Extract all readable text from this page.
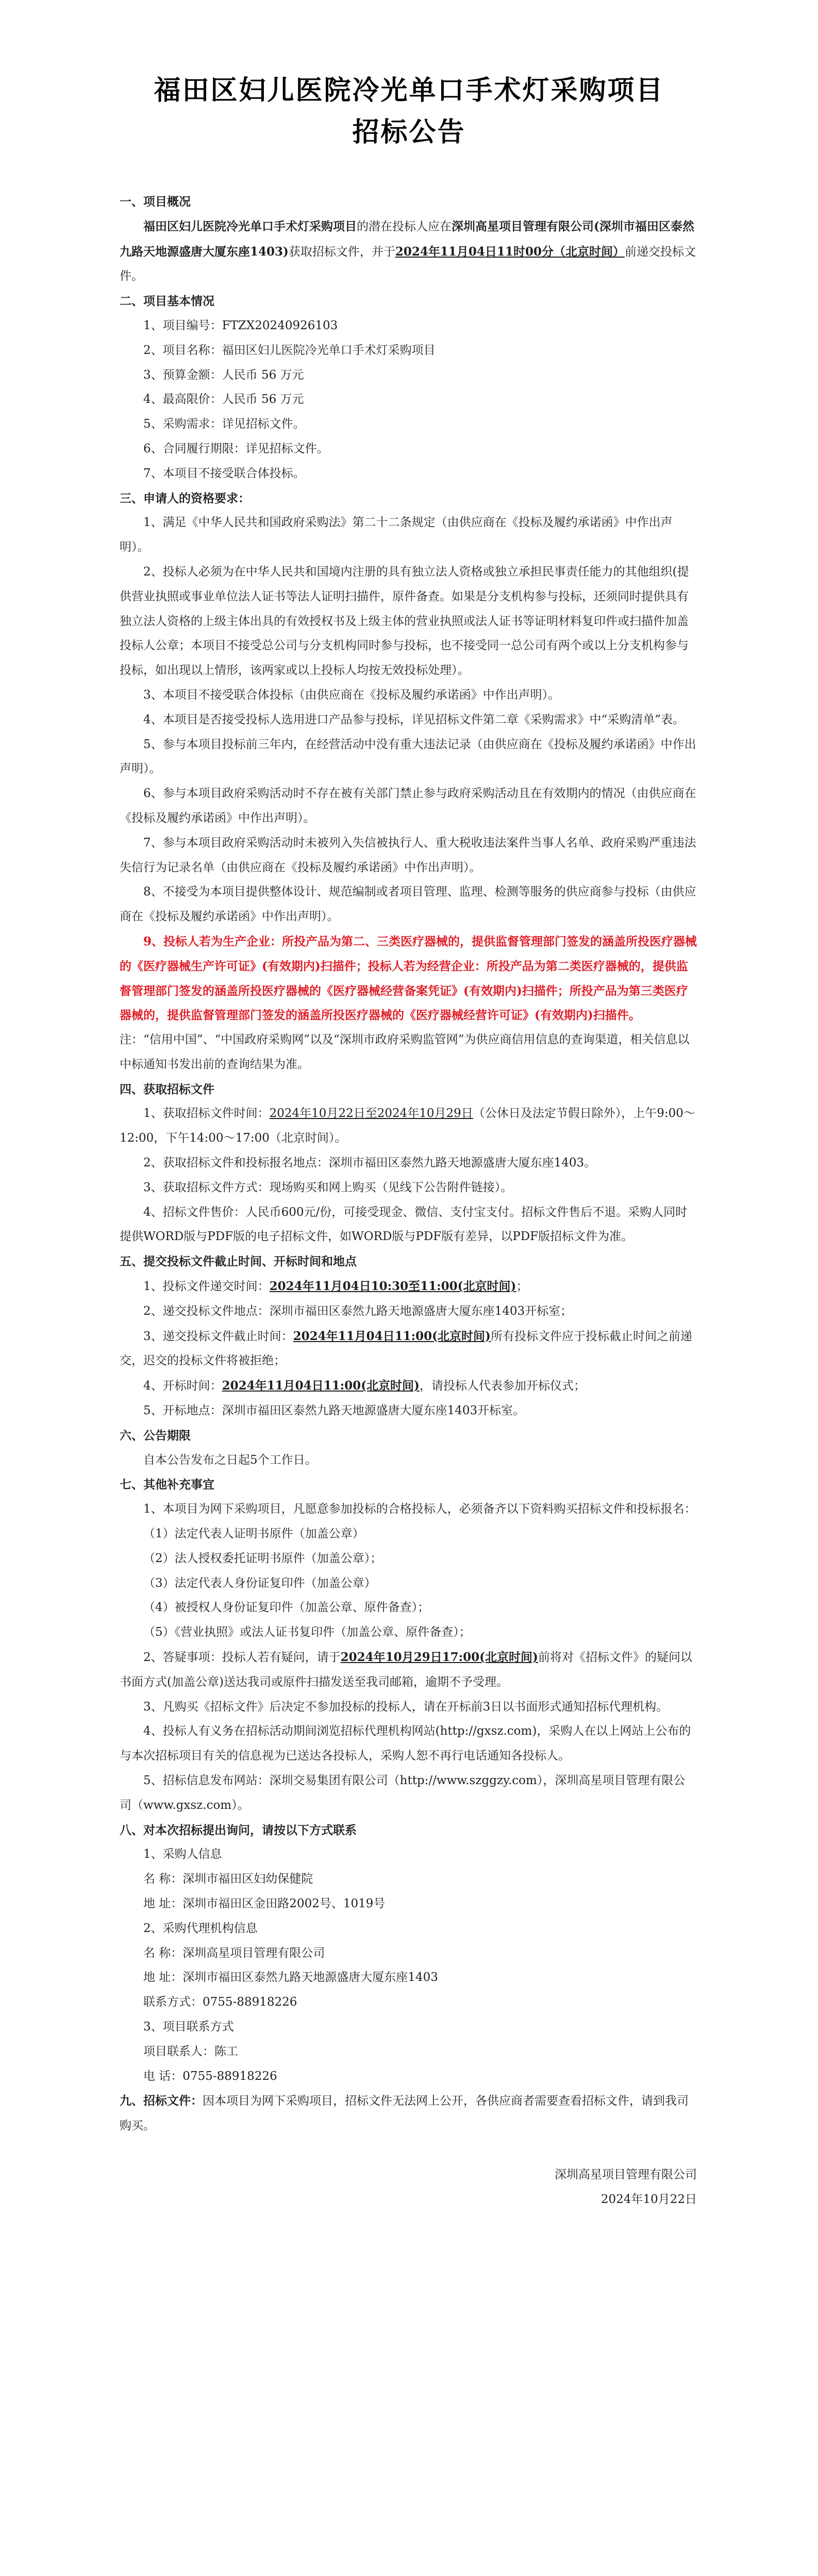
福田区妇儿医院冷光单口手术灯采购项目
招标公告

一、项目概况

福田区妇儿医院冷光单口手术灯采购项目的潜在投标人应在深圳高星项目管理有限公司(深圳市福田区泰然九路天地源盛唐大厦东座1403)获取招标文件，并于2024年11月04日11时00分（北京时间）前递交投标文件。

二、项目基本情况

1、项目编号：FTZX20240926103

2、项目名称：福田区妇儿医院冷光单口手术灯采购项目

3、预算金额：人民币 56 万元

4、最高限价：人民币 56 万元

5、采购需求：详见招标文件。

6、合同履行期限：详见招标文件。

7、本项目不接受联合体投标。

三、申请人的资格要求：

1、满足《中华人民共和国政府采购法》第二十二条规定（由供应商在《投标及履约承诺函》中作出声明）。

2、投标人必须为在中华人民共和国境内注册的具有独立法人资格或独立承担民事责任能力的其他组织(提供营业执照或事业单位法人证书等法人证明扫描件，原件备查。如果是分支机构参与投标，还须同时提供具有独立法人资格的上级主体出具的有效授权书及上级主体的营业执照或法人证书等证明材料复印件或扫描件加盖投标人公章；本项目不接受总公司与分支机构同时参与投标，也不接受同一总公司有两个或以上分支机构参与投标，如出现以上情形，该两家或以上投标人均按无效投标处理）。

3、本项目不接受联合体投标（由供应商在《投标及履约承诺函》中作出声明）。

4、本项目是否接受投标人选用进口产品参与投标，详见招标文件第二章《采购需求》中“采购清单”表。

5、参与本项目投标前三年内，在经营活动中没有重大违法记录（由供应商在《投标及履约承诺函》中作出声明）。

6、参与本项目政府采购活动时不存在被有关部门禁止参与政府采购活动且在有效期内的情况（由供应商在《投标及履约承诺函》中作出声明）。

7、参与本项目政府采购活动时未被列入失信被执行人、重大税收违法案件当事人名单、政府采购严重违法失信行为记录名单（由供应商在《投标及履约承诺函》中作出声明）。

8、不接受为本项目提供整体设计、规范编制或者项目管理、监理、检测等服务的供应商参与投标（由供应商在《投标及履约承诺函》中作出声明）。

9、投标人若为生产企业：所投产品为第二、三类医疗器械的，提供监督管理部门签发的涵盖所投医疗器械的《医疗器械生产许可证》(有效期内)扫描件；投标人若为经营企业：所投产品为第二类医疗器械的，提供监督管理部门签发的涵盖所投医疗器械的《医疗器械经营备案凭证》(有效期内)扫描件；所投产品为第三类医疗器械的，提供监督管理部门签发的涵盖所投医疗器械的《医疗器械经营许可证》(有效期内)扫描件。

注：“信用中国”、“中国政府采购网”以及“深圳市政府采购监管网”为供应商信用信息的查询渠道，相关信息以中标通知书发出前的查询结果为准。

四、获取招标文件

1、获取招标文件时间：2024年10月22日至2024年10月29日（公休日及法定节假日除外），上午9:00～12:00，下午14:00～17:00（北京时间）。

2、获取招标文件和投标报名地点：深圳市福田区泰然九路天地源盛唐大厦东座1403。

3、获取招标文件方式：现场购买和网上购买（见线下公告附件链接）。

4、招标文件售价：人民币600元/份，可接受现金、微信、支付宝支付。招标文件售后不退。采购人同时提供WORD版与PDF版的电子招标文件，如WORD版与PDF版有差异，以PDF版招标文件为准。

五、提交投标文件截止时间、开标时间和地点

1、投标文件递交时间：2024年11月04日10:30至11:00(北京时间)；

2、递交投标文件地点：深圳市福田区泰然九路天地源盛唐大厦东座1403开标室；

3、递交投标文件截止时间：2024年11月04日11:00(北京时间)所有投标文件应于投标截止时间之前递交，迟交的投标文件将被拒绝；

4、开标时间：2024年11月04日11:00(北京时间)，请投标人代表参加开标仪式；

5、开标地点：深圳市福田区泰然九路天地源盛唐大厦东座1403开标室。

六、公告期限

自本公告发布之日起5个工作日。

七、其他补充事宜

1、本项目为网下采购项目，凡愿意参加投标的合格投标人，必须备齐以下资料购买招标文件和投标报名：

（1）法定代表人证明书原件（加盖公章）

（2）法人授权委托证明书原件（加盖公章）；

（3）法定代表人身份证复印件（加盖公章）

（4）被授权人身份证复印件（加盖公章、原件备查）；

（5）《营业执照》或法人证书复印件（加盖公章、原件备查）；

2、答疑事项：投标人若有疑问，请于2024年10月29日17:00(北京时间)前将对《招标文件》的疑问以书面方式(加盖公章)送达我司或原件扫描发送至我司邮箱，逾期不予受理。

3、凡购买《招标文件》后决定不参加投标的投标人，请在开标前3日以书面形式通知招标代理机构。

4、投标人有义务在招标活动期间浏览招标代理机构网站(http://gxsz.com)，采购人在以上网站上公布的与本次招标项目有关的信息视为已送达各投标人，采购人恕不再行电话通知各投标人。

5、招标信息发布网站：深圳交易集团有限公司（http://www.szggzy.com），深圳高星项目管理有限公司（www.gxsz.com）。

八、对本次招标提出询问，请按以下方式联系

1、采购人信息

名 称：深圳市福田区妇幼保健院

地 址：深圳市福田区金田路2002号、1019号

2、采购代理机构信息

名 称：深圳高星项目管理有限公司

地 址：深圳市福田区泰然九路天地源盛唐大厦东座1403

联系方式：0755-88918226

3、项目联系方式

项目联系人：陈工

电 话：0755-88918226

九、招标文件：因本项目为网下采购项目，招标文件无法网上公开，各供应商者需要查看招标文件，请到我司购买。

深圳高星项目管理有限公司

2024年10月22日
